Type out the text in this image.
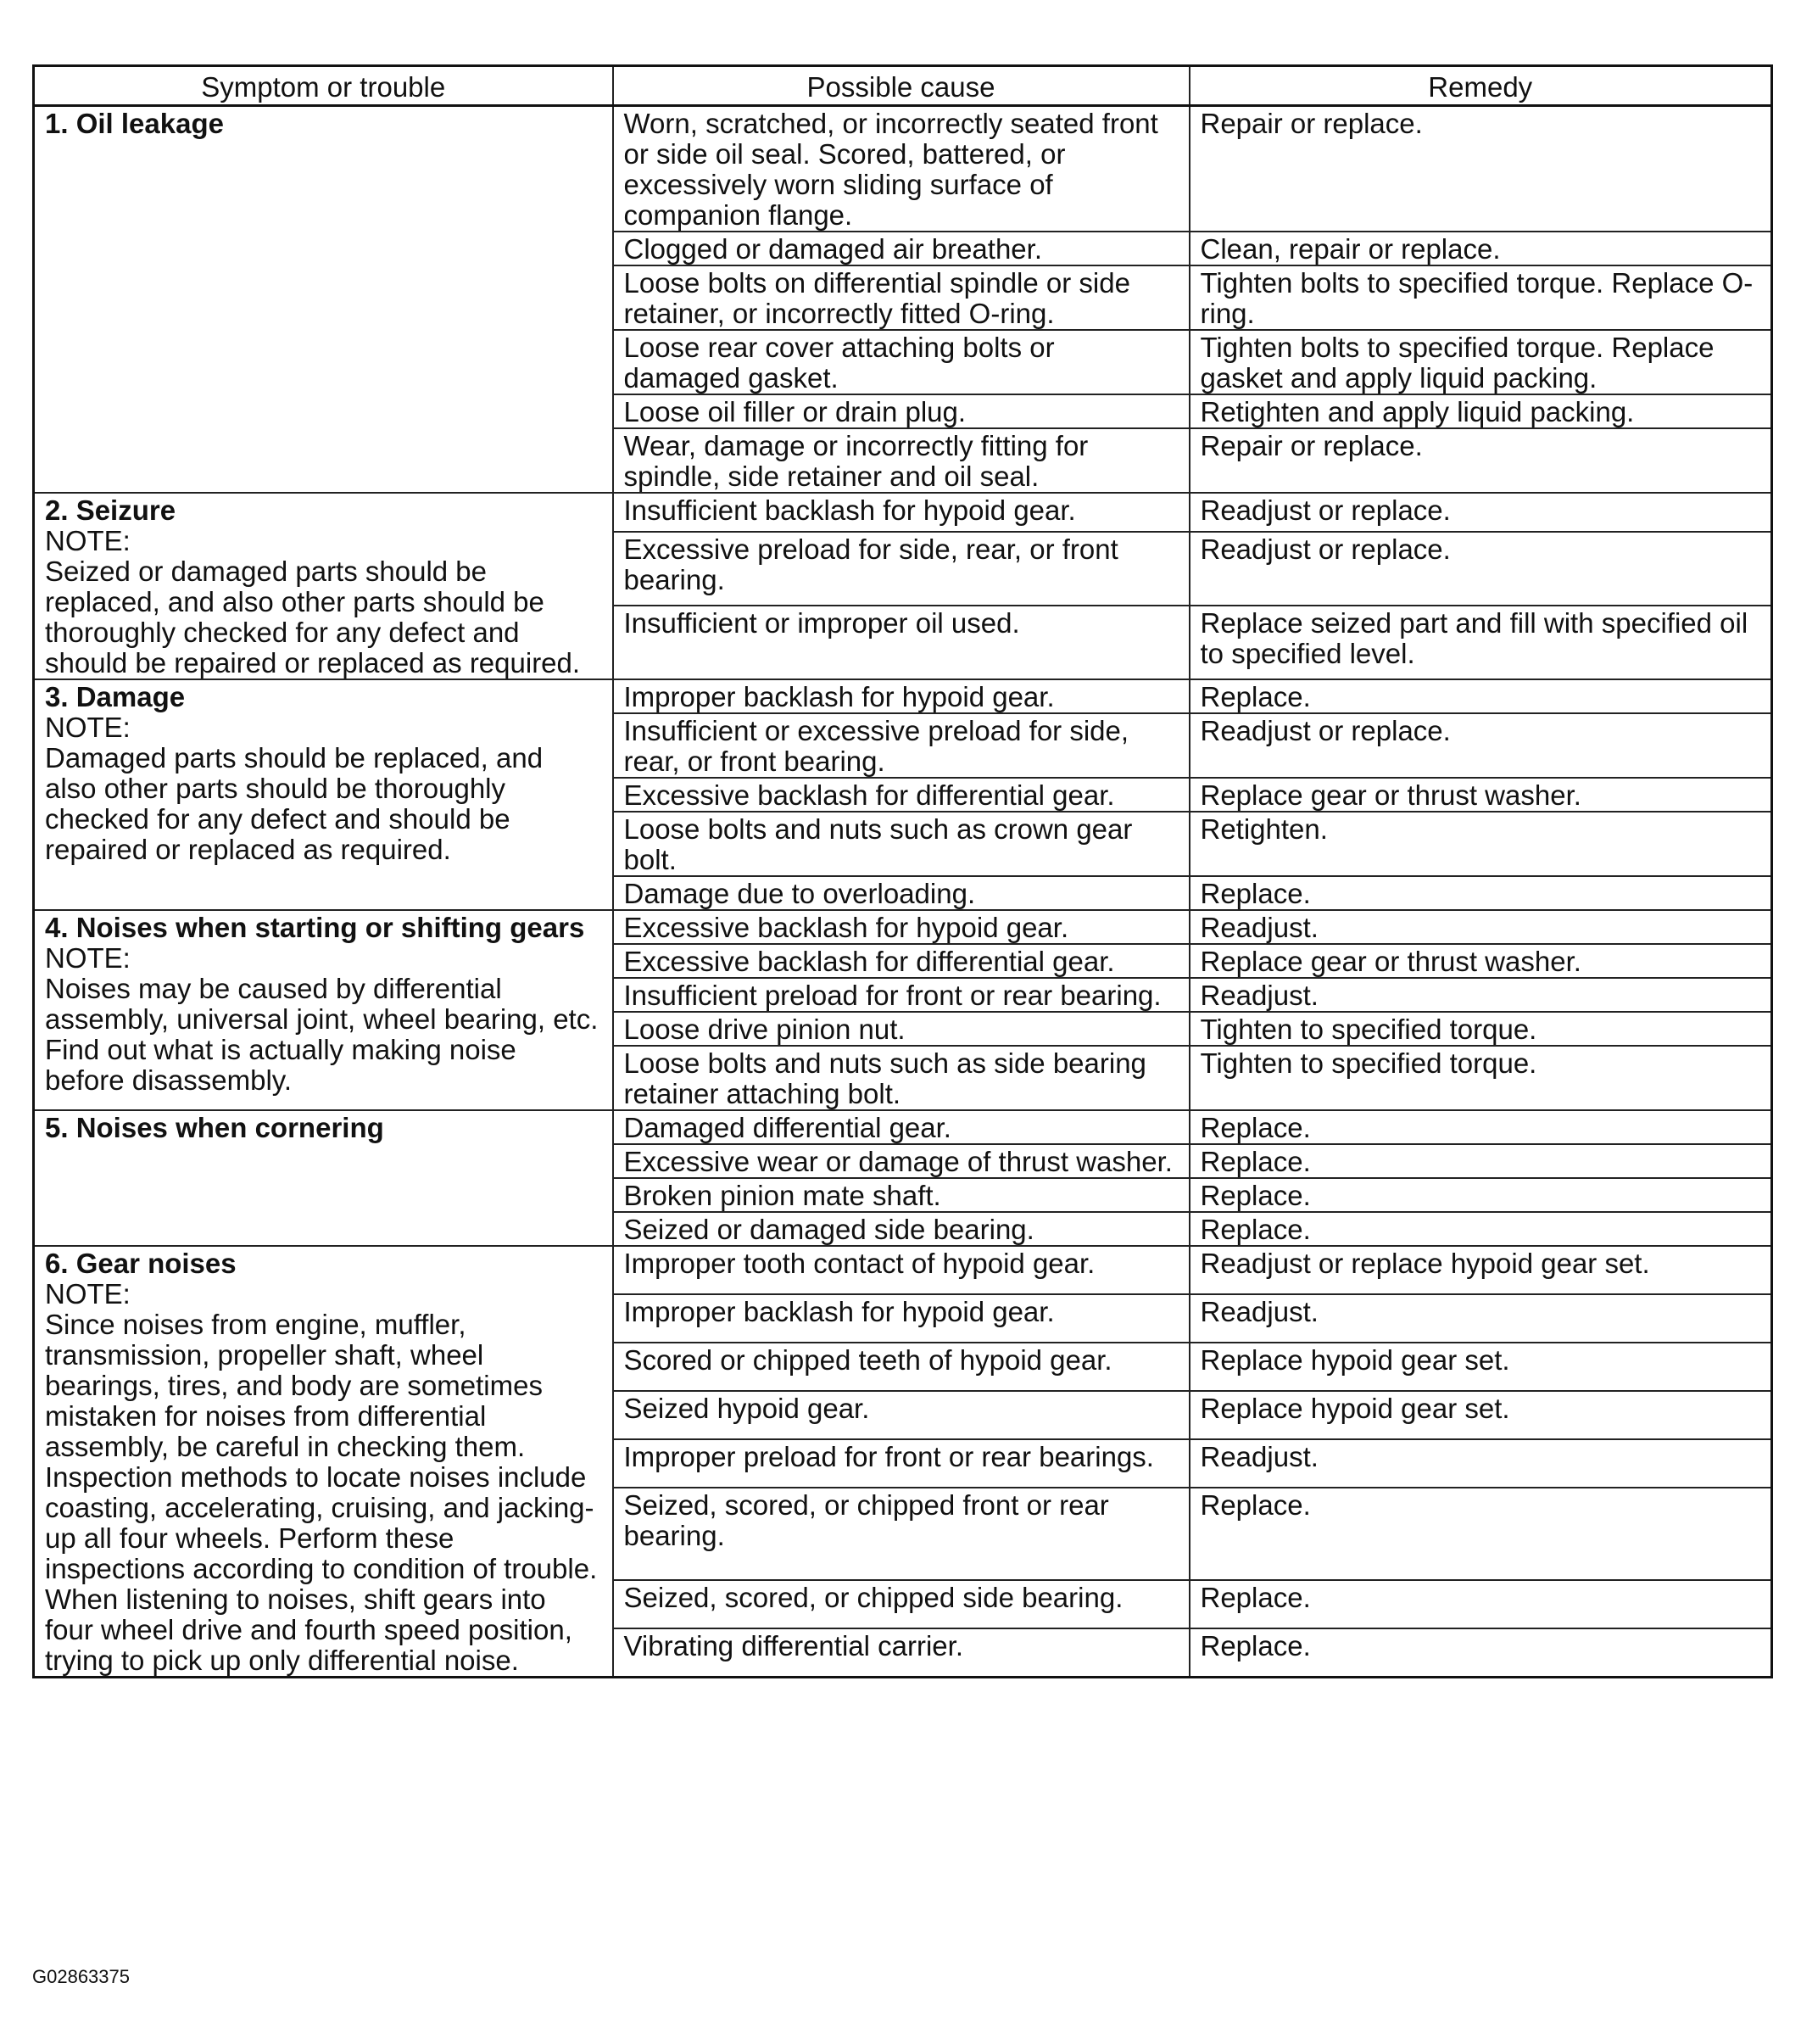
Symptom or trouble	Possible cause	Remedy

1. Oil leakage	Worn, scratched, or incorrectly seated front or side oil seal. Scored, battered, or excessively worn sliding surface of companion flange.	Repair or replace.
	Clogged or damaged air breather.	Clean, repair or replace.
	Loose bolts on differential spindle or side retainer, or incorrectly fitted O-ring.	Tighten bolts to specified torque. Replace O-ring.
	Loose rear cover attaching bolts or damaged gasket.	Tighten bolts to specified torque. Replace gasket and apply liquid packing.
	Loose oil filler or drain plug.	Retighten and apply liquid packing.
	Wear, damage or incorrectly fitting for spindle, side retainer and oil seal.	Repair or replace.

2. Seizure
NOTE:
Seized or damaged parts should be replaced, and also other parts should be thoroughly checked for any defect and should be repaired or replaced as required.	Insufficient backlash for hypoid gear.	Readjust or replace.
	Excessive preload for side, rear, or front bearing.	Readjust or replace.
	Insufficient or improper oil used.	Replace seized part and fill with specified oil to specified level.

3. Damage
NOTE:
Damaged parts should be replaced, and also other parts should be thoroughly checked for any defect and should be repaired or replaced as required.	Improper backlash for hypoid gear.	Replace.
	Insufficient or excessive preload for side, rear, or front bearing.	Readjust or replace.
	Excessive backlash for differential gear.	Replace gear or thrust washer.
	Loose bolts and nuts such as crown gear bolt.	Retighten.
	Damage due to overloading.	Replace.

4. Noises when starting or shifting gears
NOTE:
Noises may be caused by differential assembly, universal joint, wheel bearing, etc. Find out what is actually making noise before disassembly.	Excessive backlash for hypoid gear.	Readjust.
	Excessive backlash for differential gear.	Replace gear or thrust washer.
	Insufficient preload for front or rear bearing.	Readjust.
	Loose drive pinion nut.	Tighten to specified torque.
	Loose bolts and nuts such as side bearing retainer attaching bolt.	Tighten to specified torque.

5. Noises when cornering	Damaged differential gear.	Replace.
	Excessive wear or damage of thrust washer.	Replace.
	Broken pinion mate shaft.	Replace.
	Seized or damaged side bearing.	Replace.

6. Gear noises
NOTE:
Since noises from engine, muffler, transmission, propeller shaft, wheel bearings, tires, and body are sometimes mistaken for noises from differential assembly, be careful in checking them. Inspection methods to locate noises include coasting, accelerating, cruising, and jacking-up all four wheels. Perform these inspections according to condition of trouble. When listening to noises, shift gears into four wheel drive and fourth speed position, trying to pick up only differential noise.	Improper tooth contact of hypoid gear.	Readjust or replace hypoid gear set.
	Improper backlash for hypoid gear.	Readjust.
	Scored or chipped teeth of hypoid gear.	Replace hypoid gear set.
	Seized hypoid gear.	Replace hypoid gear set.
	Improper preload for front or rear bearings.	Readjust.
	Seized, scored, or chipped front or rear bearing.	Replace.
	Seized, scored, or chipped side bearing.	Replace.
	Vibrating differential carrier.	Replace.
G02863375
